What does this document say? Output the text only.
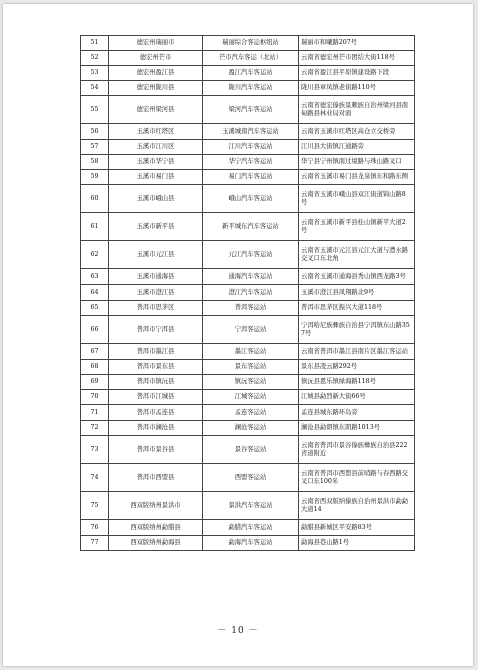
51	德宏州瑞丽市	瑞丽综合客运枢纽站	瑞丽市和曦路207号
52	德宏州芒市	芒市汽车客运（北站）	云南省德宏州芒市团结大街118号
53	德宏州盈江县	盈江汽车客运站	云南省盈江县平原镇建设路下段
54	德宏州陇川县	陇川汽车客运站	陇川县章凤镇老街路110号
55	德宏州梁河县	梁河汽车客运站	云南省德宏傣族景颇族自治州梁河县南甸路县林业局对面
56	玉溪市红塔区	玉溪城南汽车客运站	云南省玉溪市红塔区高仓立交桥旁
57	玉溪市江川区	江川汽车客运站	江川县大街镇江通路旁
58	玉溪市华宁县	华宁汽车客运站	华宁县宁州镇南过境路与珠山路叉口
59	玉溪市易门县	易门汽车客运站	云南省玉溪市易门县龙泉镇东和路东侧
60	玉溪市峨山县	峨山汽车客运站	云南省玉溪市峨山县双江街道锦山路8号
61	玉溪市新平县	新平城东汽车客运站	云南省玉溪市新平县桂山镇新平大道2号
62	玉溪市元江县	元江汽车客运站	云南省玉溪市元江县元江大道与澧水路交叉口东北角
63	玉溪市通海县	通海汽车客运站	云南省玉溪市通海县秀山镇西龙路3号
64	玉溪市澄江县	澄江汽车客运站	玉溪市澄江县凤翔路北9号
65	普洱市思茅区	普洱客运站	普洱市思茅区振兴大道118号
66	普洱市宁洱县	宁洱客运站	宁洱哈尼族彝族自治县宁洱镇东山路357号
67	普洱市墨江县	墨江客运站	云南省普洱市墨江县南片区墨江客运站
68	普洱市景东县	景东客运站	景东县凌云路292号
69	普洱市镇沅县	镇沅客运站	镇沅县恩乐镇绿海路118号
70	普洱市江城县	江城客运站	江城县勐烈新大街66号
71	普洱市孟连县	孟连客运站	孟连县城东路环岛旁
72	普洱市澜沧县	澜沧客运站	澜沧县勐朗镇东朗路1013号
73	普洱市景谷县	景谷客运站	云南省普洱市景谷傣族彝族自治县222省道附近
74	普洱市西盟县	西盟客运站	云南省普洱市西盟县前哨路与春西路交叉口东100米
75	西双版纳州景洪市	景洪汽车客运站	云南省西双版纳傣族自治州景洪市勐勐大道14
76	西双版纳州勐腊县	勐腊汽车客运站	勐腊县新城区平安路83号
77	西双版纳州勐海县	勐海汽车客运站	勐海县巷山路1号
－ 10 －
